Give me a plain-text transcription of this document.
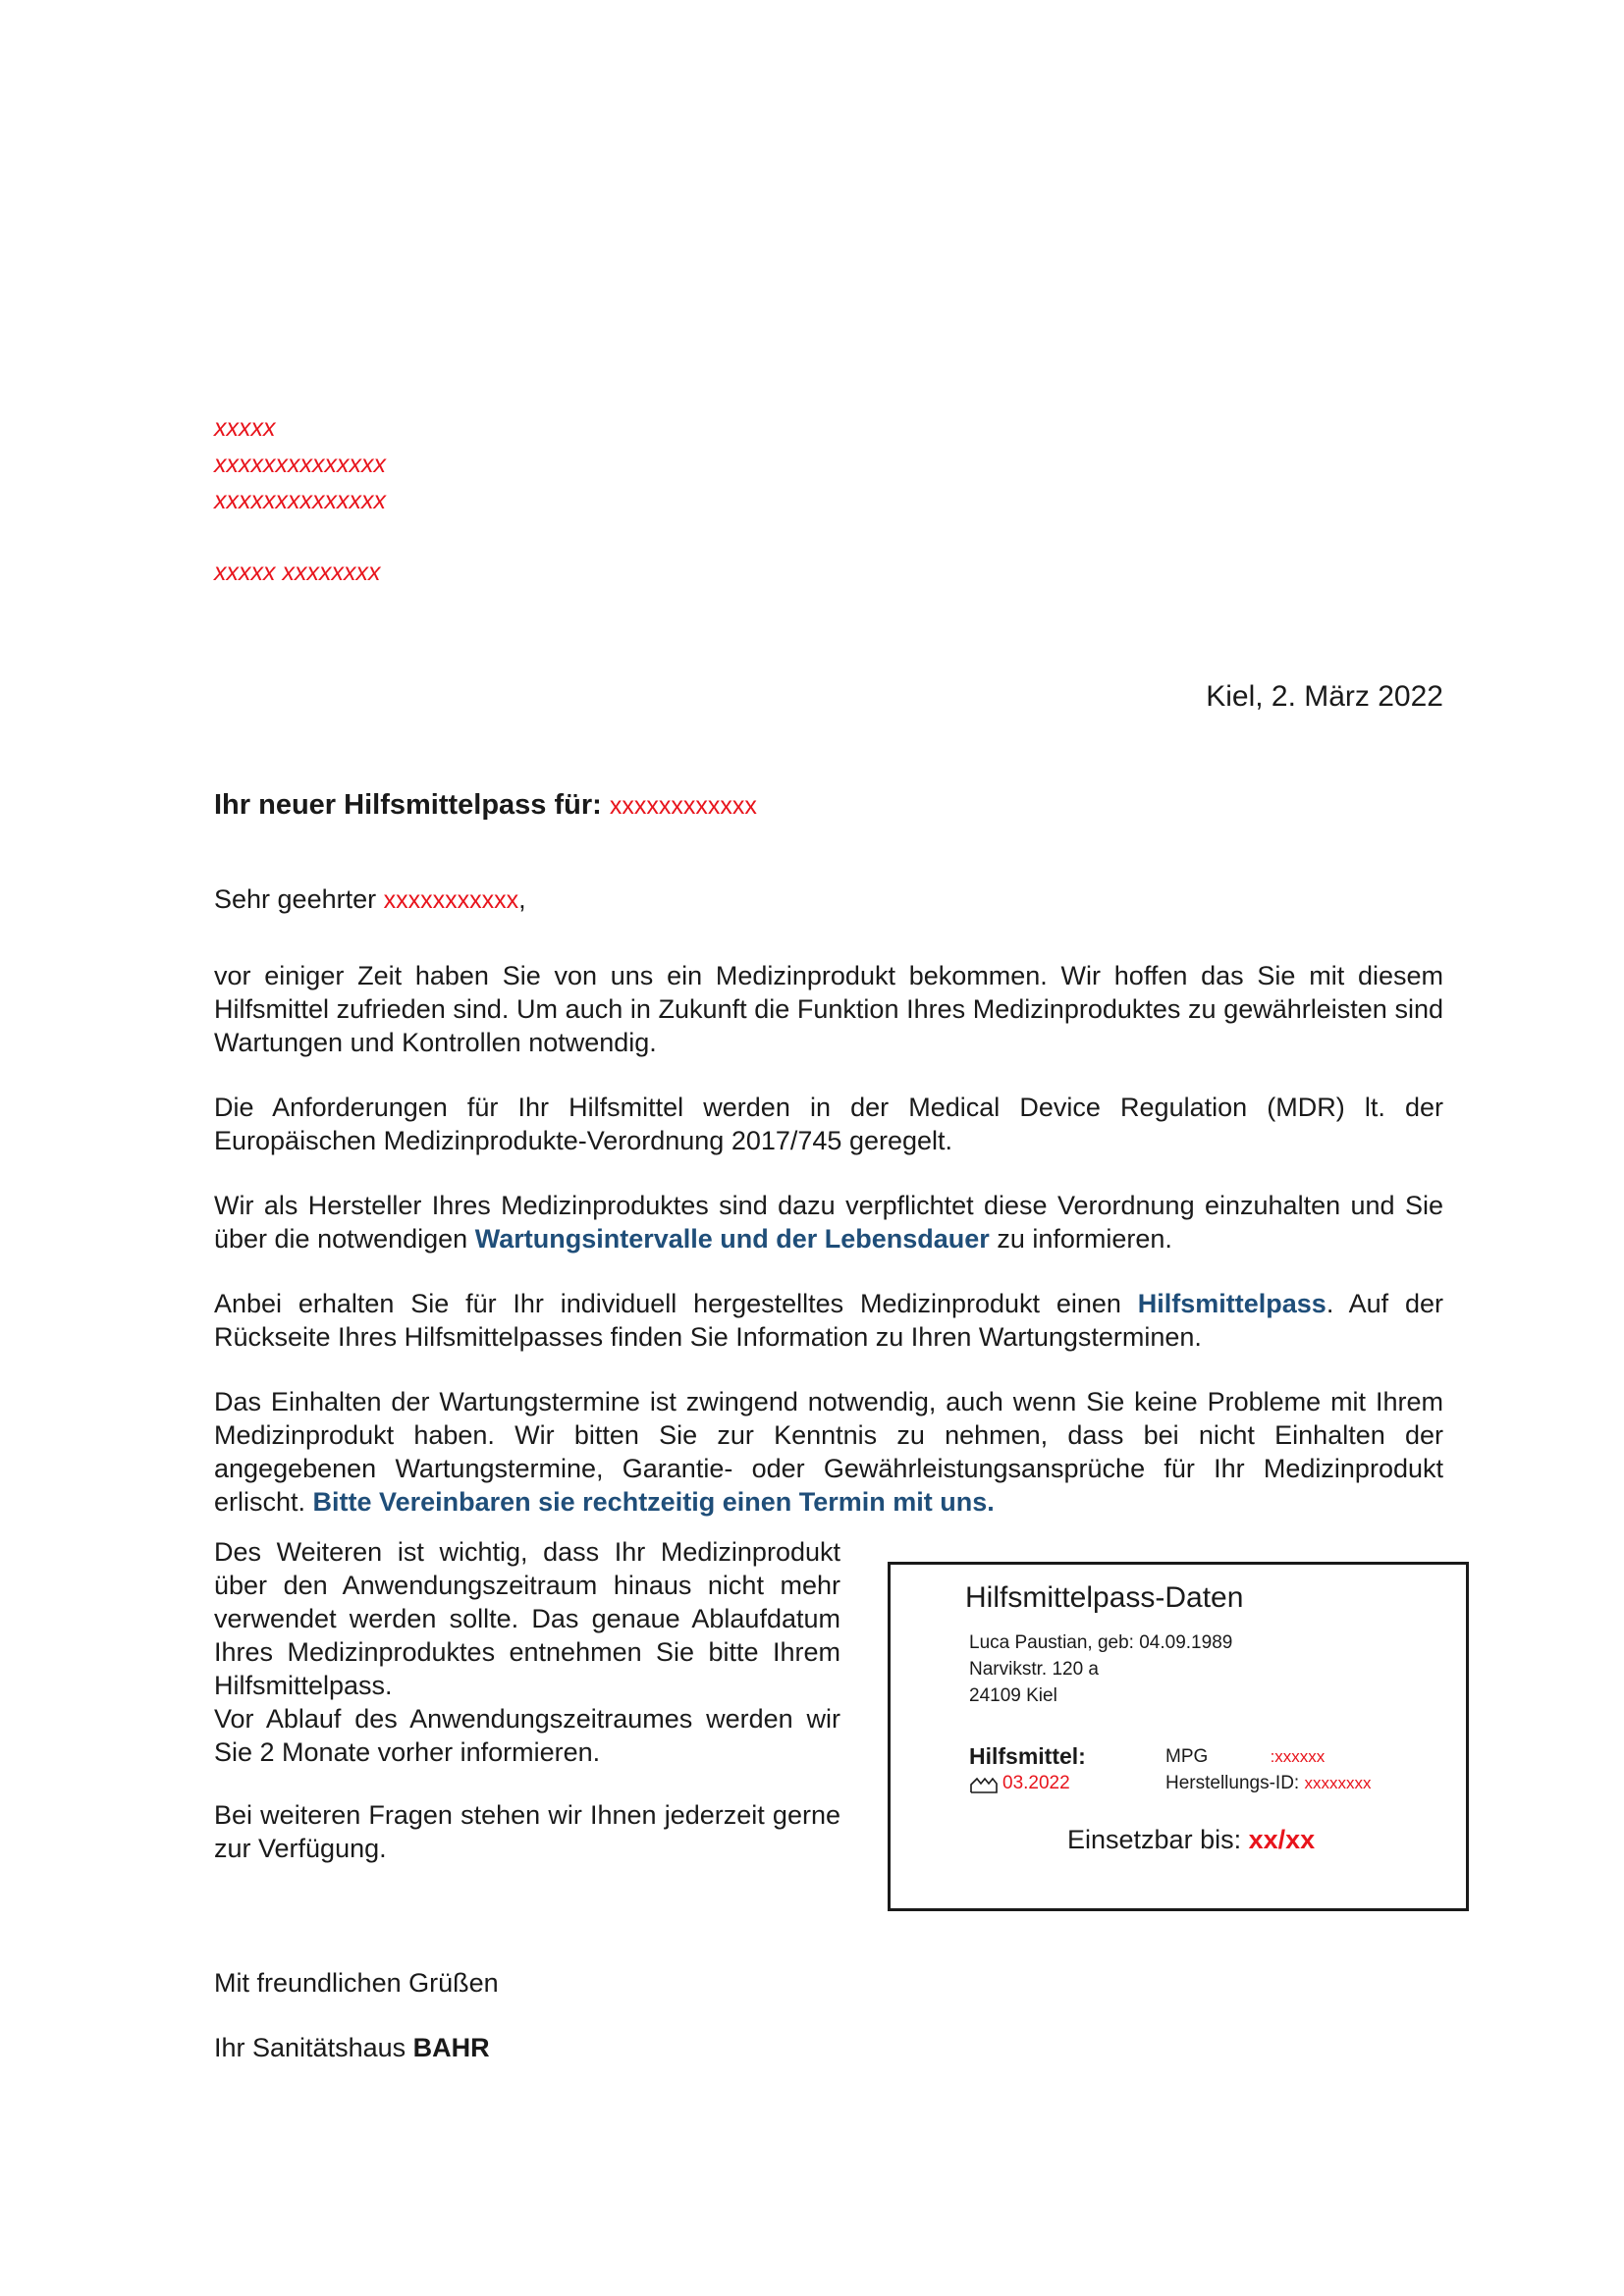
xxxxx
xxxxxxxxxxxxxx
xxxxxxxxxxxxxx
xxxxx xxxxxxxx
Kiel, 2. März 2022
Ihr neuer Hilfsmittelpass für: xxxxxxxxxxxx
Sehr geehrter xxxxxxxxxxx,

vor einiger Zeit haben Sie von uns ein Medizinprodukt bekommen. Wir hoffen das Sie mit diesem Hilfsmittel zufrieden sind. Um auch in Zukunft die Funktion Ihres Medizinproduktes zu gewährleisten sind Wartungen und Kontrollen notwendig.

Die Anforderungen für Ihr Hilfsmittel werden in der Medical Device Regulation (MDR) lt. der Europäischen Medizinprodukte-Verordnung 2017/745 geregelt.

Wir als Hersteller Ihres Medizinproduktes sind dazu verpflichtet diese Verordnung einzuhalten und Sie über die notwendigen Wartungsintervalle und der Lebensdauer zu informieren.

Anbei erhalten Sie für Ihr individuell hergestelltes Medizinprodukt einen Hilfsmittelpass. Auf der Rückseite Ihres Hilfsmittelpasses finden Sie Information zu Ihren Wartungsterminen.

Das Einhalten der Wartungstermine ist zwingend notwendig, auch wenn Sie keine Probleme mit Ihrem Medizinprodukt haben. Wir bitten Sie zur Kenntnis zu nehmen, dass bei nicht Einhalten der angegebenen Wartungstermine, Garantie- oder Gewährleistungsansprüche für Ihr Medizinprodukt erlischt. Bitte Vereinbaren sie rechtzeitig einen Termin mit uns.

Des Weiteren ist wichtig, dass Ihr Medizinprodukt über den Anwendungszeitraum hinaus nicht mehr verwendet werden sollte. Das genaue Ablaufdatum Ihres Medizinproduktes entnehmen Sie bitte Ihrem Hilfsmittelpass.
Vor Ablauf des Anwendungszeitraumes werden wir Sie 2 Monate vorher informieren.

Bei weiteren Fragen stehen wir Ihnen jederzeit gerne zur Verfügung.

Hilfsmittelpass-Daten
Luca Paustian, geb: 04.09.1989
Narvikstr. 120 a
24109 Kiel
Hilfsmittel:
03.2022
MPG	:xxxxxx
Herstellungs-ID: xxxxxxxx
Einsetzbar bis: xx/xx
Mit freundlichen Grüßen
Ihr Sanitätshaus BAHR
